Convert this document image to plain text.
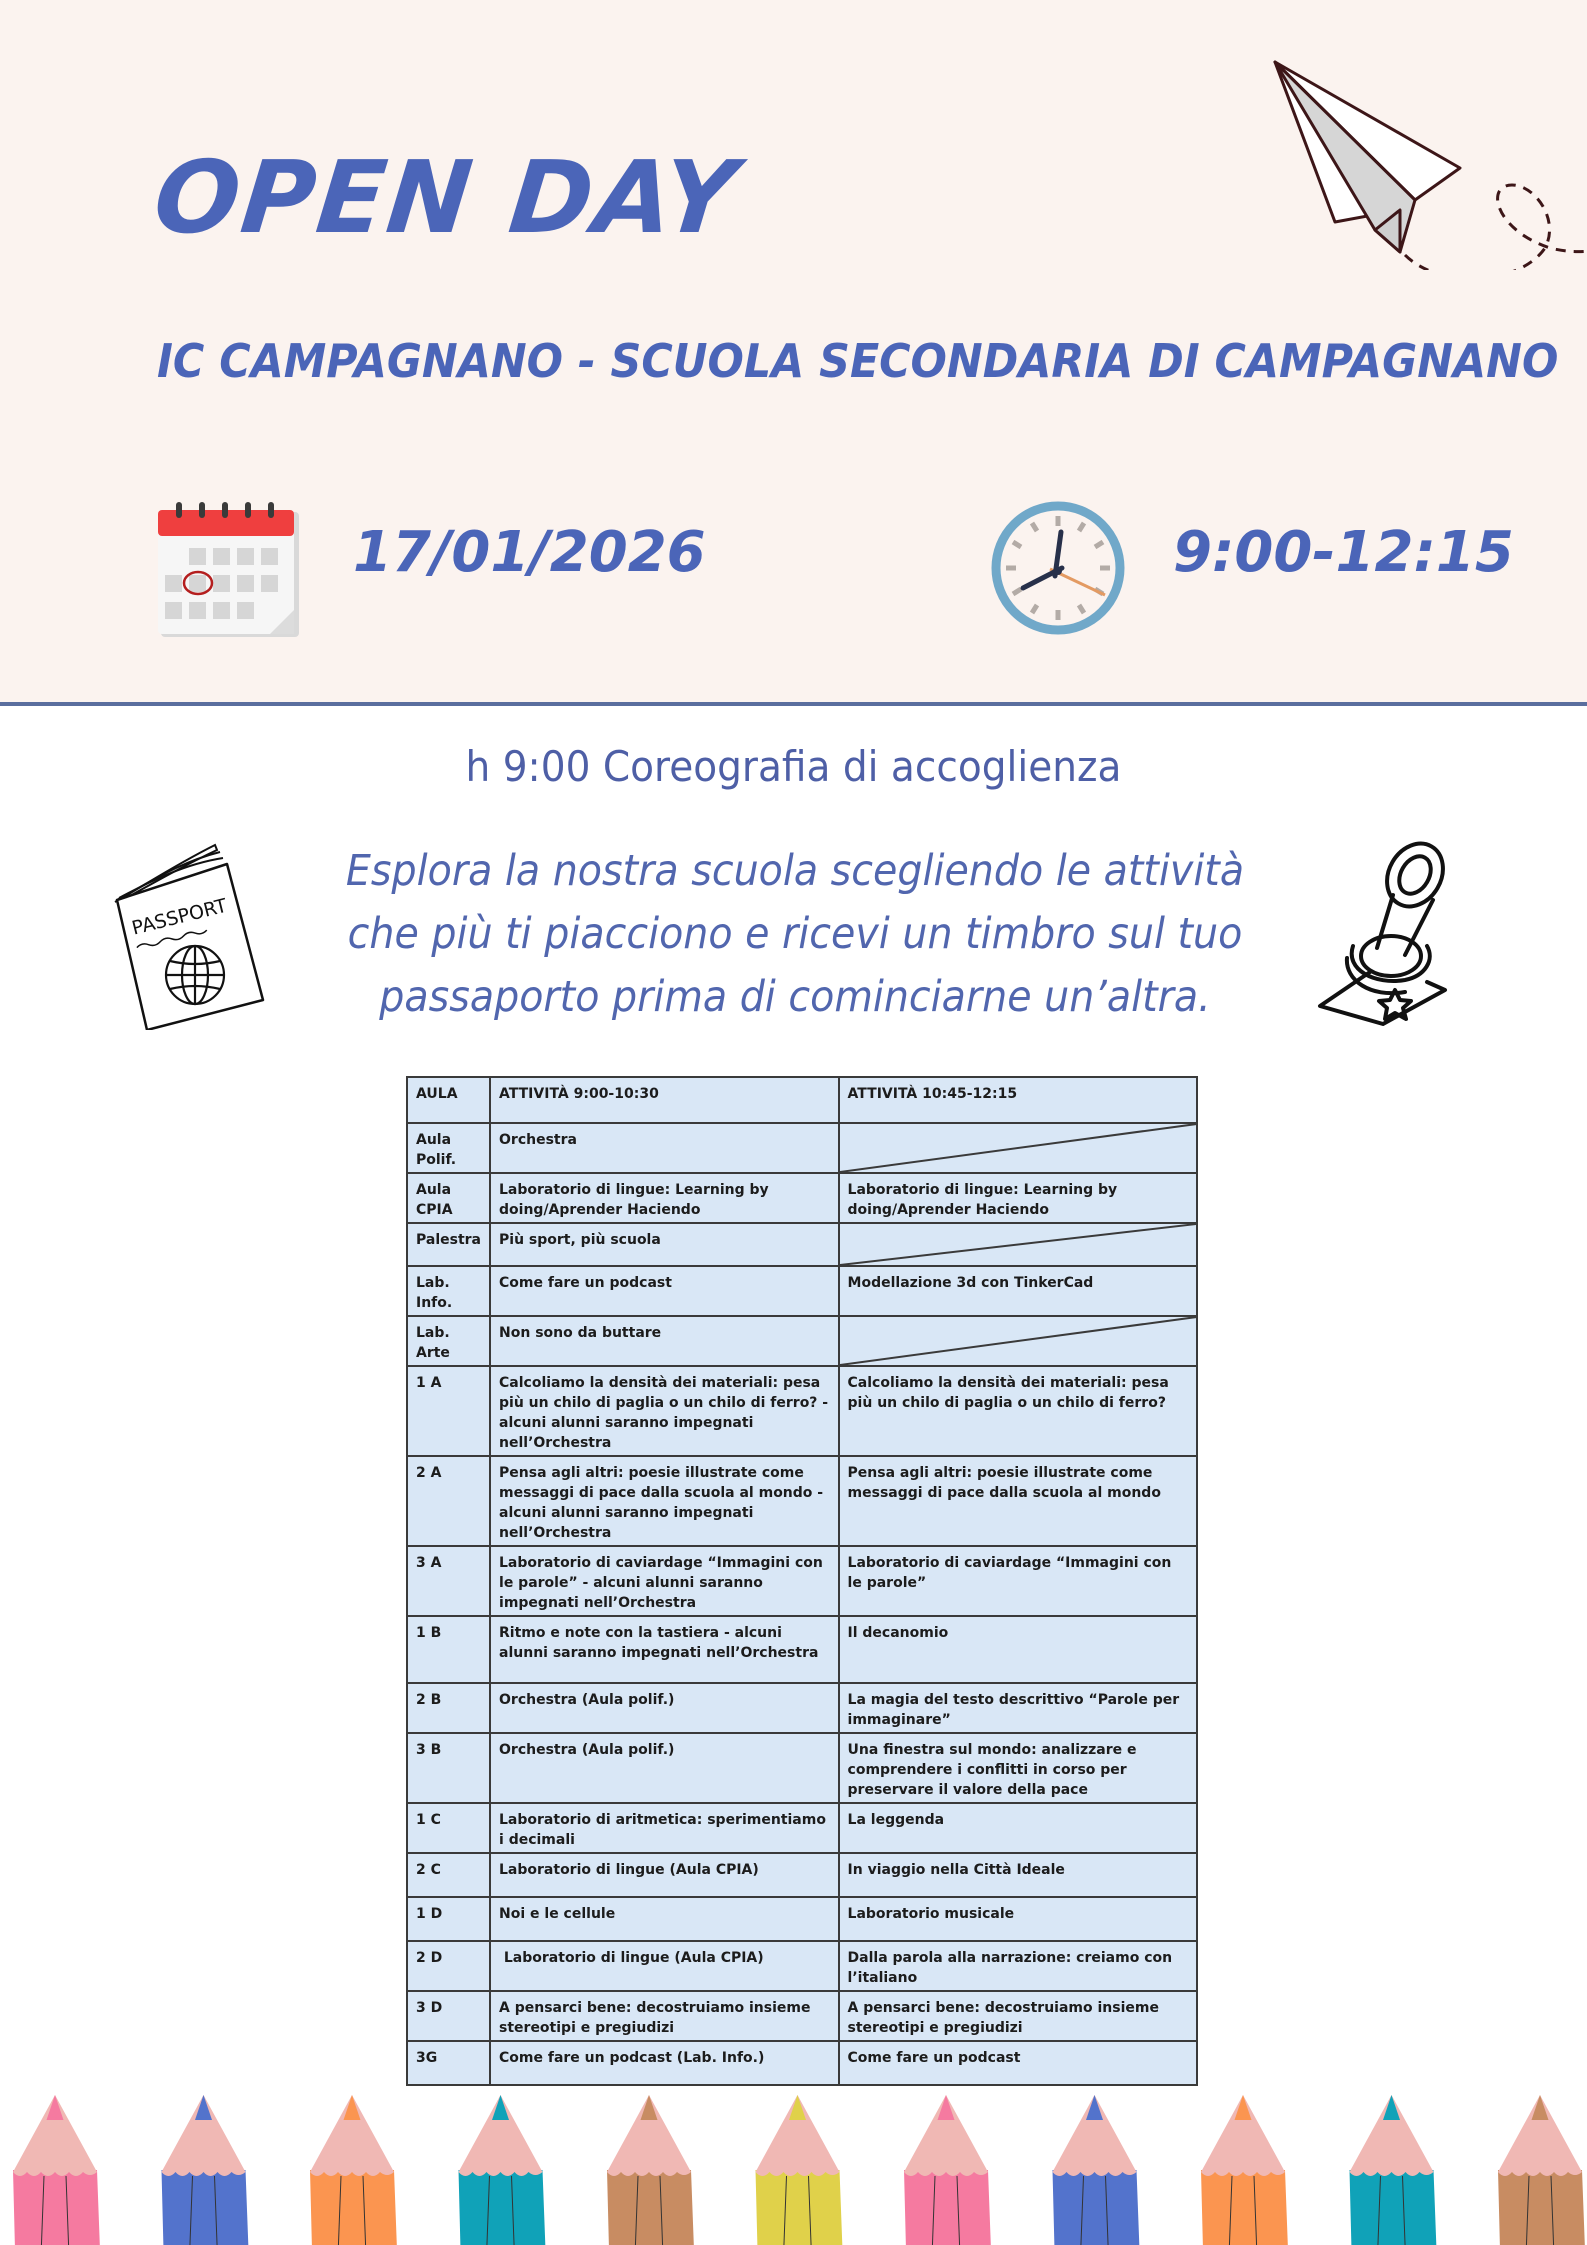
OPEN DAY
IC CAMPAGNANO - SCUOLA SECONDARIA DI CAMPAGNANO
17/01/2026	9:00-12:15
h 9:00 Coreografia di accoglienza
PASSPORT
Esplora la nostra scuola scegliendo le attività
che più ti piacciono e ricevi un timbro sul tuo
passaporto prima di cominciarne un’altra.
AULA	ATTIVITÀ 9:00-10:30	ATTIVITÀ 10:45-12:15
Aula Polif.	Orchestra	

Aula CPIA	Laboratorio di lingue: Learning by doing/Aprender Haciendo	Laboratorio di lingue: Learning by doing/Aprender Haciendo
Palestra	Più sport, più scuola	

Lab. Info.	Come fare un podcast	Modellazione 3d con TinkerCad
Lab. Arte	Non sono da buttare	

1 A	Calcoliamo la densità dei materiali: pesa più un chilo di paglia o un chilo di ferro? - alcuni alunni saranno impegnati nell’Orchestra	Calcoliamo la densità dei materiali: pesa più un chilo di paglia o un chilo di ferro?
2 A	Pensa agli altri: poesie illustrate come messaggi di pace dalla scuola al mondo - alcuni alunni saranno impegnati nell’Orchestra	Pensa agli altri: poesie illustrate come messaggi di pace dalla scuola al mondo
3 A	Laboratorio di caviardage “Immagini con le parole” - alcuni alunni saranno impegnati nell’Orchestra	Laboratorio di caviardage “Immagini con le parole”
1 B	Ritmo e note con la tastiera - alcuni alunni saranno impegnati nell’Orchestra	Il decanomio
2 B	Orchestra (Aula polif.)	La magia del testo descrittivo “Parole per immaginare”
3 B	Orchestra (Aula polif.)	Una finestra sul mondo: analizzare e comprendere i conflitti in corso per preservare il valore della pace
1 C	Laboratorio di aritmetica: sperimentiamo i decimali	La leggenda
2 C	Laboratorio di lingue (Aula CPIA)	In viaggio nella Città Ideale
1 D	Noi e le cellule	Laboratorio musicale
2 D	Laboratorio di lingue (Aula CPIA)	Dalla parola alla narrazione: creiamo con l’italiano
3 D	A pensarci bene: decostruiamo insieme stereotipi e pregiudizi	A pensarci bene: decostruiamo insieme stereotipi e pregiudizi
3G	Come fare un podcast (Lab. Info.)	Come fare un podcast
